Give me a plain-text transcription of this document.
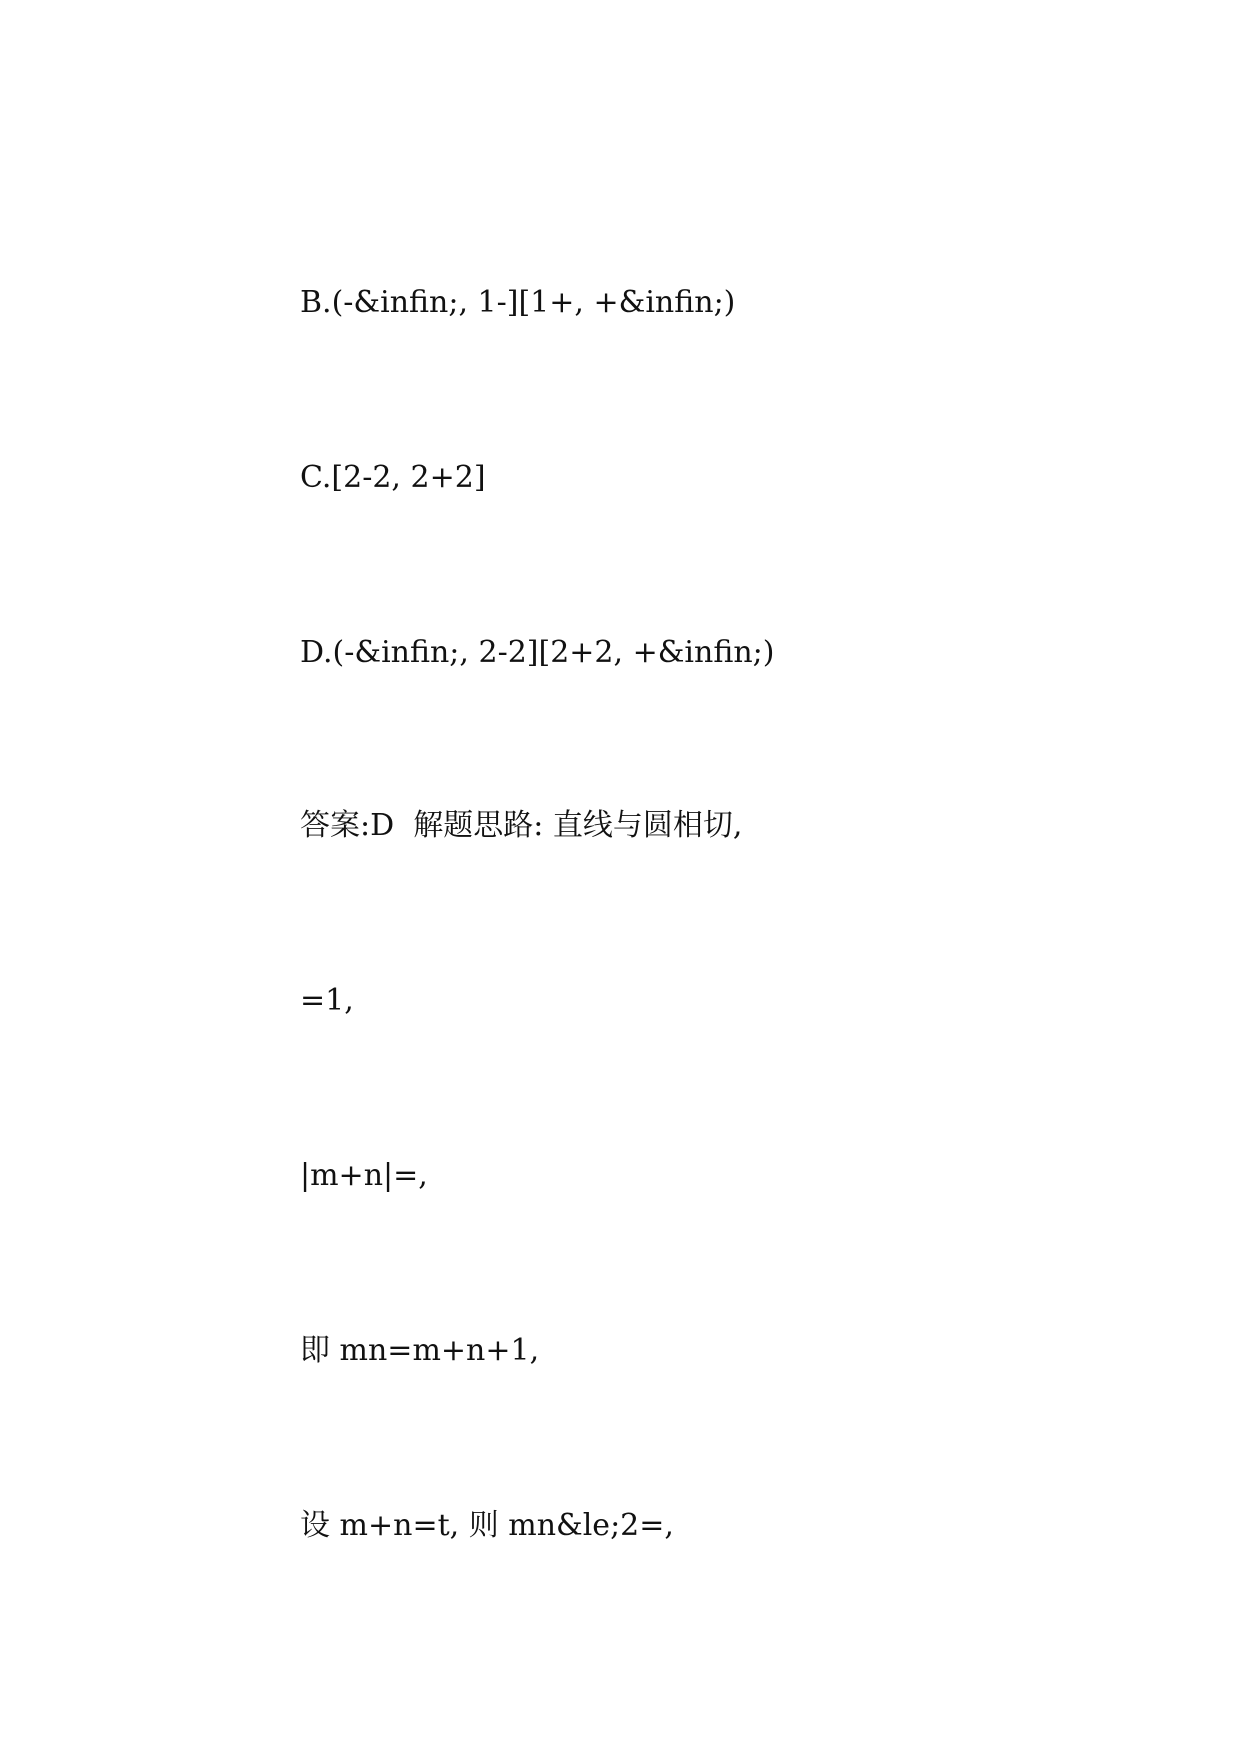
B.(-&infin;, 1-][1+, +&infin;)

C.[2-2, 2+2]

D.(-&infin;, 2-2][2+2, +&infin;)

答案:D  解题思路: 直线与圆相切,

=1,

|m+n|=,

即 mn=m+n+1,

设 m+n=t, 则 mn&le;2=,
